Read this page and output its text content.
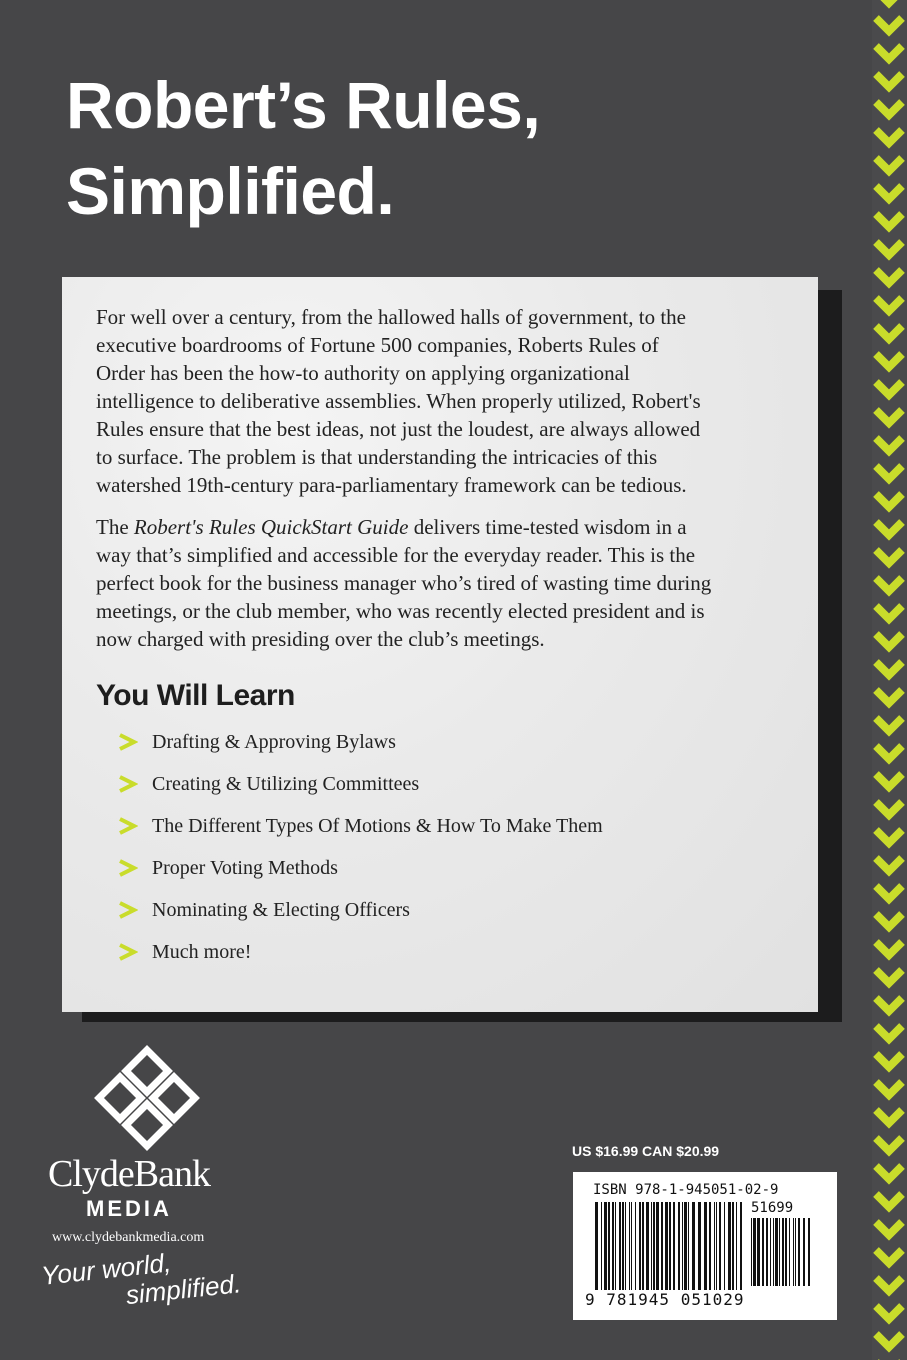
Robert’s Rules,
Simplified.

For well over a century, from the hallowed halls of government, to the
executive boardrooms of Fortune 500 companies, Roberts Rules of
Order has been the how-to authority on applying organizational
intelligence to deliberative assemblies. When properly utilized, Robert's
Rules ensure that the best ideas, not just the loudest, are always allowed
to surface. The problem is that understanding the intricacies of this
watershed 19th-century para-parliamentary framework can be tedious.

The Robert's Rules QuickStart Guide delivers time-tested wisdom in a
way that’s simplified and accessible for the everyday reader. This is the
perfect book for the business manager who’s tired of wasting time during
meetings, or the club member, who was recently elected president and is
now charged with presiding over the club’s meetings.

You Will Learn
Drafting & Approving Bylaws
Creating & Utilizing Committees
The Different Types Of Motions & How To Make Them
Proper Voting Methods
Nominating & Electing Officers
Much more!

ClydeBank

MEDIA

www.clydebankmedia.com

Your world,
simplified.

US $16.99 CAN $20.99

ISBN 978-1-945051-02-9
51699
9 781945 051029
